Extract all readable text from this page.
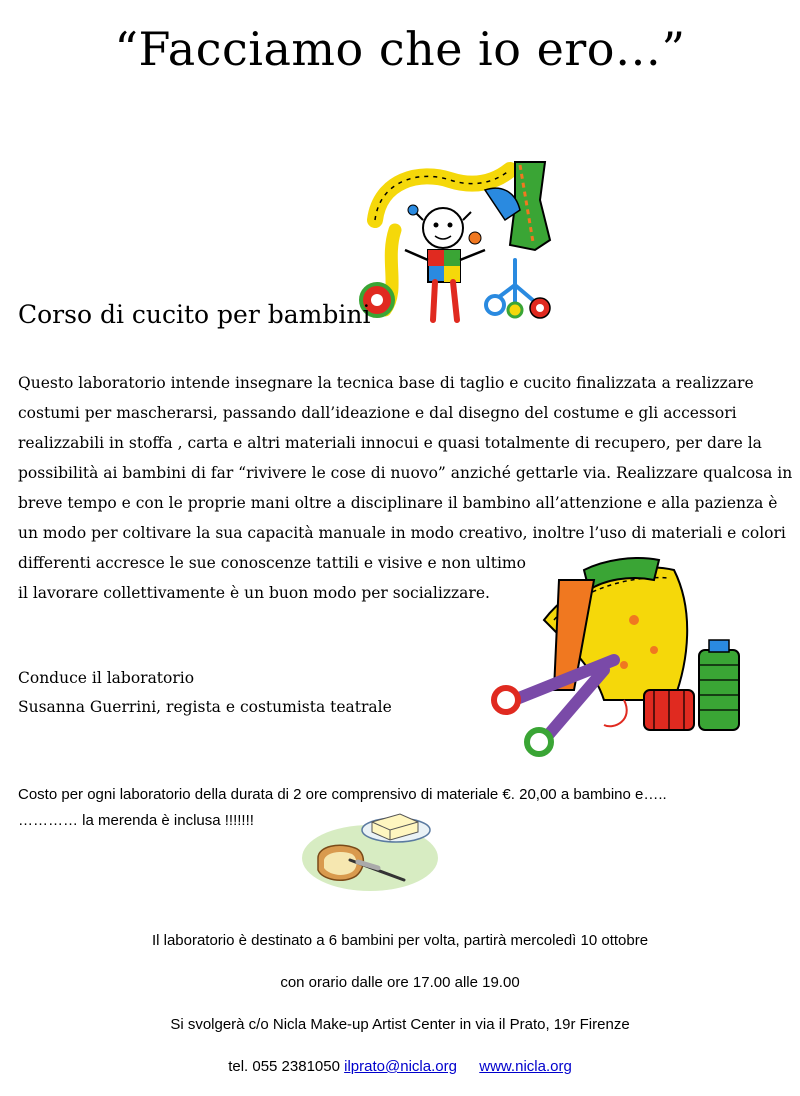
“Facciamo che io ero…”
Corso di cucito per bambini
Questo laboratorio intende insegnare la tecnica base di taglio e cucito finalizzata a realizzare
costumi per mascherarsi, passando dall’ideazione e dal disegno del costume e gli accessori
realizzabili in stoffa , carta e altri materiali innocui e quasi totalmente di recupero, per dare la
possibilità ai bambini di far “rivivere le cose di nuovo” anziché gettarle via. Realizzare qualcosa in
breve tempo e con le proprie mani oltre a disciplinare il bambino all’attenzione e alla pazienza è
un modo per coltivare la sua capacità manuale in modo creativo, inoltre l’uso di materiali e colori
differenti accresce le sue conoscenze tattili e visive e non ultimo
il lavorare collettivamente è un buon modo per socializzare.
Conduce il laboratorio
Susanna Guerrini, regista e costumista teatrale
Costo per ogni laboratorio della durata di 2 ore comprensivo di materiale €. 20,00 a bambino e…..
………… la merenda è inclusa !!!!!!!
Il laboratorio è destinato a 6 bambini per volta, partirà mercoledì 10 ottobre
con orario dalle ore 17.00 alle 19.00
Si svolgerà c/o Nicla Make-up Artist Center in via il Prato, 19r Firenze
tel. 055 2381050 ilprato@nicla.org www.nicla.org
